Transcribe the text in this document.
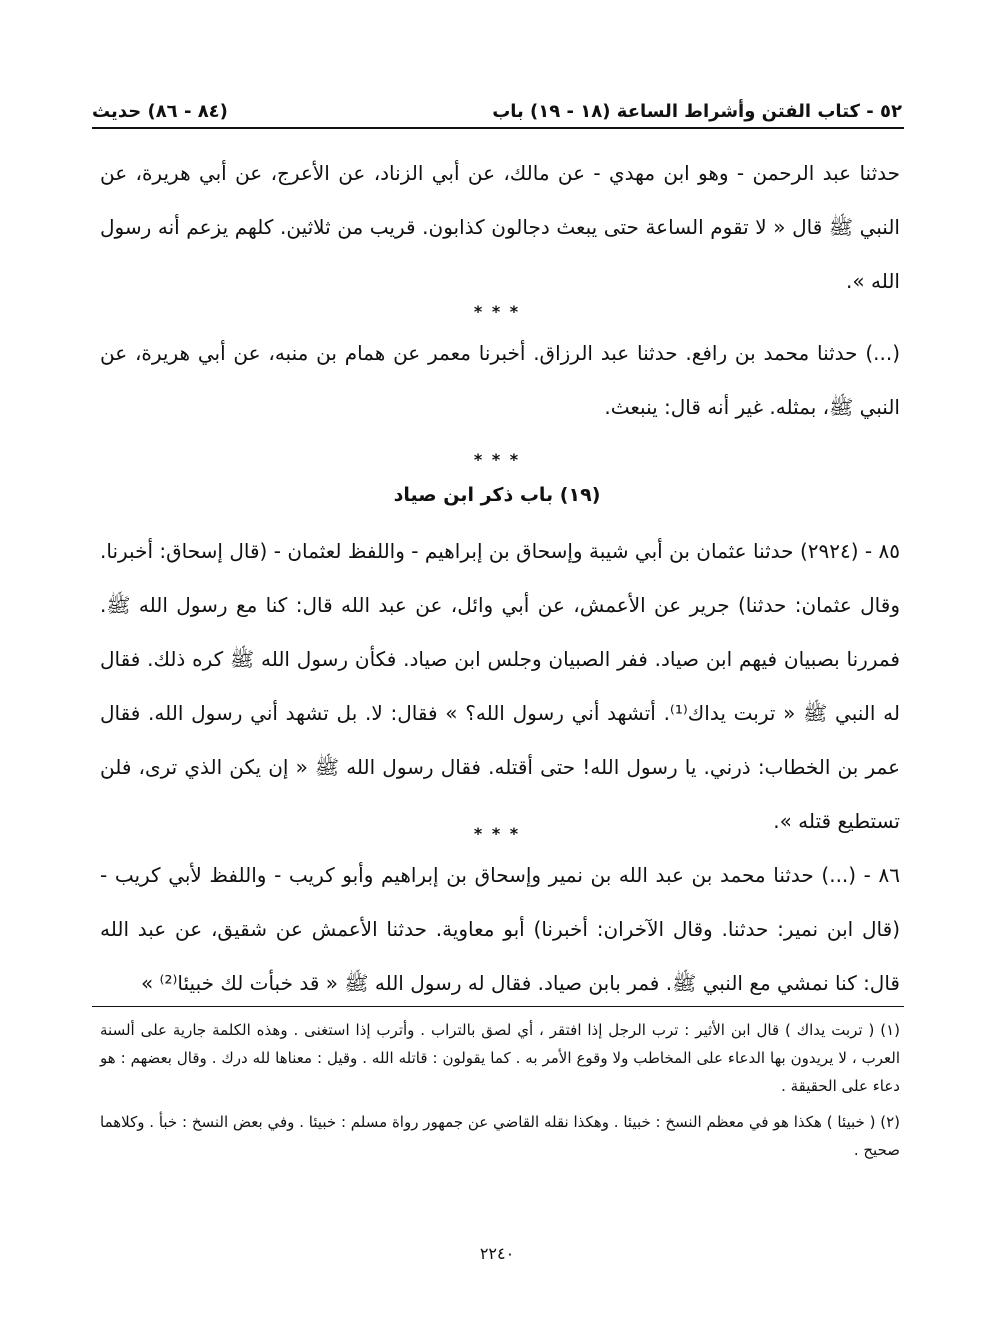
٥٢ - كتاب الفتن وأشراط الساعة (١٨ - ١٩) باب
(٨٤ - ٨٦) حديث
حدثنا عبد الرحمن - وهو ابن مهدي - عن مالك، عن أبي الزناد، عن الأعرج، عن أبي هريرة، عن النبي ﷺ قال « لا تقوم الساعة حتى يبعث دجالون كذابون. قريب من ثلاثين. كلهم يزعم أنه رسول الله ».
* * *
(...) حدثنا محمد بن رافع. حدثنا عبد الرزاق. أخبرنا معمر عن همام بن منبه، عن أبي هريرة، عن النبي ﷺ، بمثله. غير أنه قال: ينبعث.
* * *
(١٩) باب ذكر ابن صياد
٨٥ - (٢٩٢٤) حدثنا عثمان بن أبي شيبة وإسحاق بن إبراهيم - واللفظ لعثمان - (قال إسحاق: أخبرنا. وقال عثمان: حدثنا) جرير عن الأعمش، عن أبي وائل، عن عبد الله قال: كنا مع رسول الله ﷺ. فمررنا بصبيان فيهم ابن صياد. ففر الصبيان وجلس ابن صياد. فكأن رسول الله ﷺ كره ذلك. فقال له النبي ﷺ « تربت يداك⁽¹⁾. أتشهد أني رسول الله؟ » فقال: لا. بل تشهد أني رسول الله. فقال عمر بن الخطاب: ذرني. يا رسول الله! حتى أقتله. فقال رسول الله ﷺ « إن يكن الذي ترى، فلن تستطيع قتله ».
* * *
٨٦ - (...) حدثنا محمد بن عبد الله بن نمير وإسحاق بن إبراهيم وأبو كريب - واللفظ لأبي كريب - (قال ابن نمير: حدثنا. وقال الآخران: أخبرنا) أبو معاوية. حدثنا الأعمش عن شقيق، عن عبد الله قال: كنا نمشي مع النبي ﷺ. فمر بابن صياد. فقال له رسول الله ﷺ « قد خبأت لك خبيئا⁽²⁾ »

(١) ( تربت يداك ) قال ابن الأثير : ترب الرجل إذا افتقر ، أي لصق بالتراب . وأترب إذا استغنى . وهذه الكلمة جارية على ألسنة العرب ، لا يريدون بها الدعاء على المخاطب ولا وقوع الأمر به . كما يقولون : قاتله الله . وقيل : معناها لله درك . وقال بعضهم : هو دعاء على الحقيقة .

(٢) ( خبيئا ) هكذا هو في معظم النسخ : خبيئا . وهكذا نقله القاضي عن جمهور رواة مسلم : خبيئا . وفي بعض النسخ : خبأ . وكلاهما صحيح .

٢٢٤٠
